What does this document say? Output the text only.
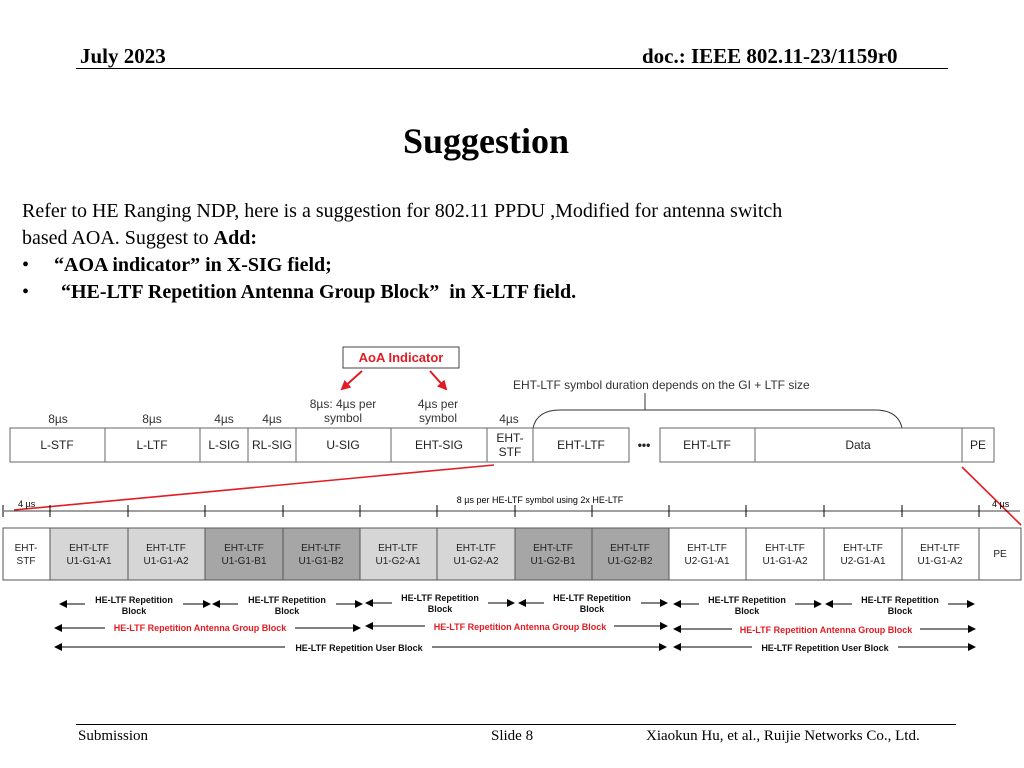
July 2023	doc.: IEEE 802.11-23/1159r0
Suggestion
Refer to HE Ranging NDP, here is a suggestion for 802.11 PPDU ,Modified for antenna switch
based AOA. Suggest to Add:
•	“AOA indicator” in X-SIG field;
•	“HE-LTF Repetition Antenna Group Block”  in X-LTF field.
AoA Indicator
EHT-LTF symbol duration depends on the GI + LTF size
8µs: 4µs per
symbol
4µs per
symbol
8µs	8µs	4µs 4µs	4µs
L-STF	L-LTF	L-SIG RL-SIG	U-SIG	EHT-SIG	EHT-
STF	EHT-LTF	•••	EHT-LTF	Data	PE
4 µs	8 µs per HE-LTF symbol using 2x HE-LTF	4 µs
EHT-
STF
EHT-LTF
U1-G1-A1
EHT-LTF
U1-G1-A2
EHT-LTF
U1-G1-B1
EHT-LTF
U1-G1-B2
EHT-LTF
U1-G2-A1
EHT-LTF
U1-G2-A2
EHT-LTF
U1-G2-B1
EHT-LTF
U1-G2-B2
EHT-LTF
U2-G1-A1
EHT-LTF
U1-G1-A2
EHT-LTF
U2-G1-A1
EHT-LTF
U1-G1-A2
PE
HE-LTF Repetition
Block
HE-LTF Repetition
Block
HE-LTF Repetition
Block
HE-LTF Repetition
Block
HE-LTF Repetition
Block
HE-LTF Repetition
Block
HE-LTF Repetition Antenna Group Block	HE-LTF Repetition Antenna Group Block	HE-LTF Repetition Antenna Group Block
HE-LTF Repetition User Block	HE-LTF Repetition User Block
Submission	Slide 8	Xiaokun Hu, et al., Ruijie Networks Co., Ltd.
